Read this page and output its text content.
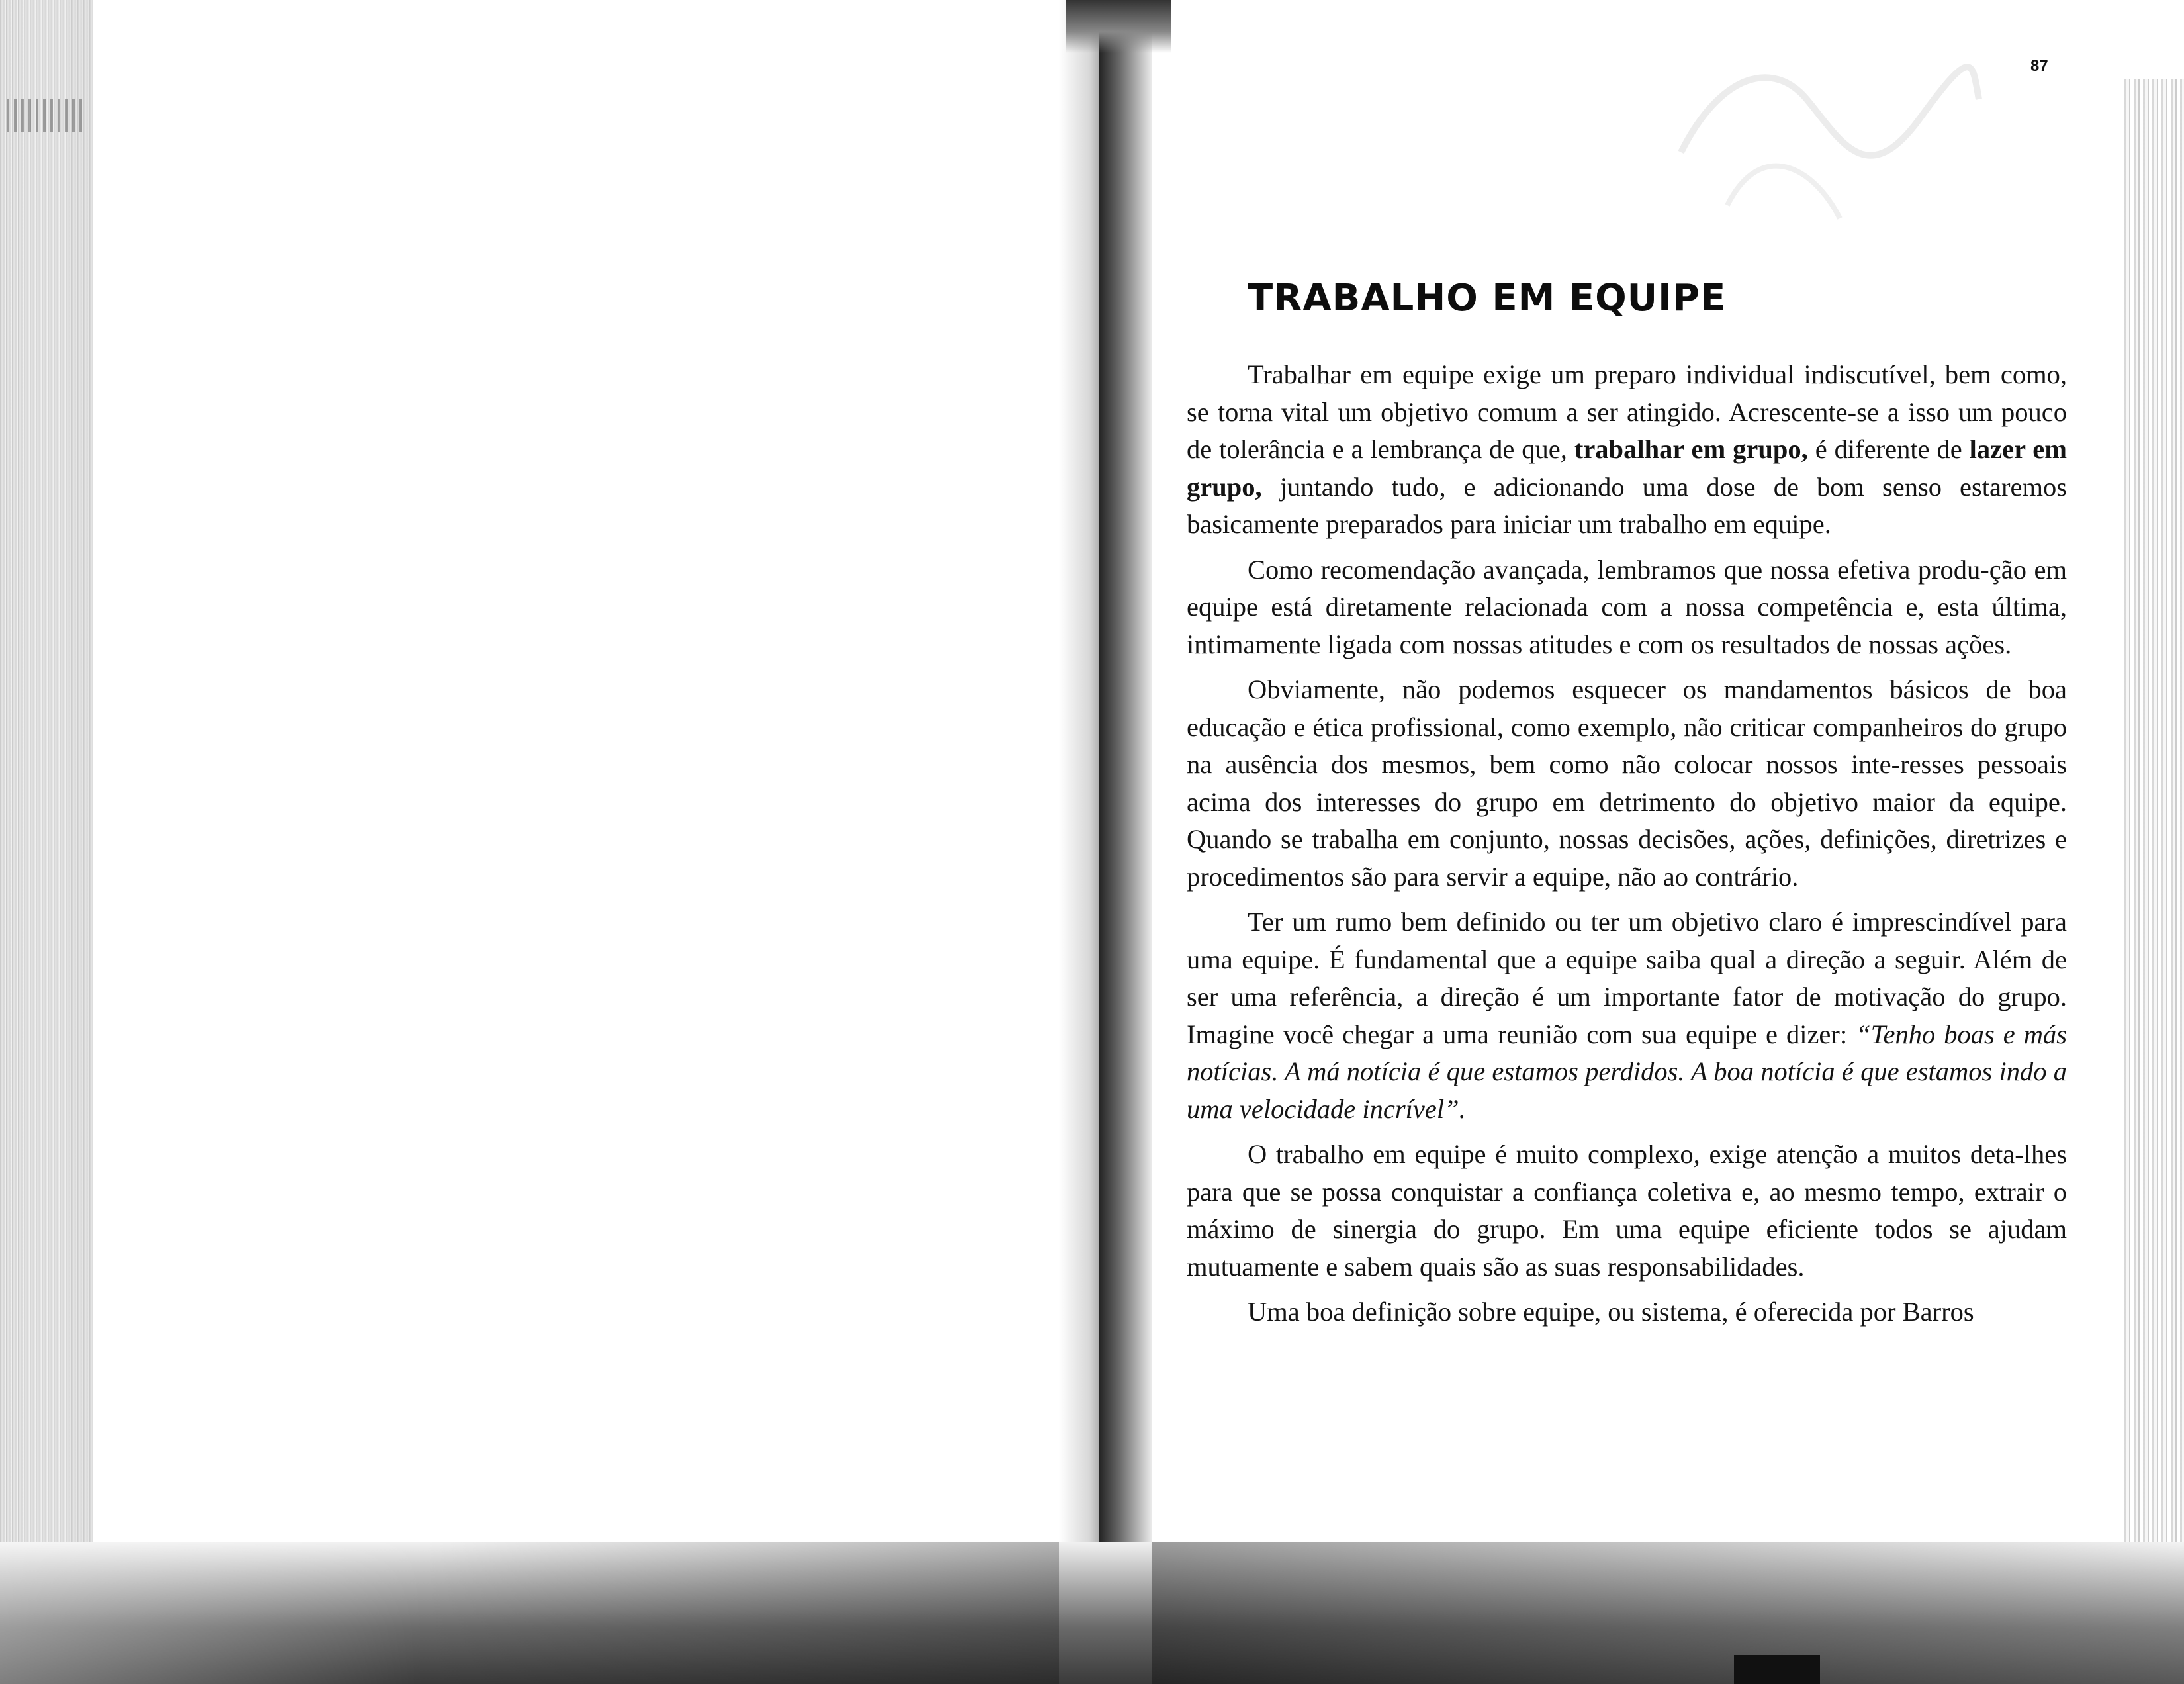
87
TRABALHO EM EQUIPE

Trabalhar em equipe exige um preparo individual indiscutível, bem como, se torna vital um objetivo comum a ser atingido. Acrescente-se a isso um pouco de tolerância e a lembrança de que, trabalhar em grupo, é diferente de lazer em grupo, juntando tudo, e adicionando uma dose de bom senso estaremos basicamente preparados para iniciar um trabalho em equipe.

Como recomendação avançada, lembramos que nossa efetiva produ-ção em equipe está diretamente relacionada com a nossa competência e, esta última, intimamente ligada com nossas atitudes e com os resultados de nossas ações.

Obviamente, não podemos esquecer os mandamentos básicos de boa educação e ética profissional, como exemplo, não criticar companheiros do grupo na ausência dos mesmos, bem como não colocar nossos inte-resses pessoais acima dos interesses do grupo em detrimento do objetivo maior da equipe. Quando se trabalha em conjunto, nossas decisões, ações, definições, diretrizes e procedimentos são para servir a equipe, não ao contrário.

Ter um rumo bem definido ou ter um objetivo claro é imprescindível para uma equipe. É fundamental que a equipe saiba qual a direção a seguir. Além de ser uma referência, a direção é um importante fator de motivação do grupo. Imagine você chegar a uma reunião com sua equipe e dizer: “Tenho boas e más notícias. A má notícia é que estamos perdidos. A boa notícia é que estamos indo a uma velocidade incrível”.

O trabalho em equipe é muito complexo, exige atenção a muitos deta-lhes para que se possa conquistar a confiança coletiva e, ao mesmo tempo, extrair o máximo de sinergia do grupo. Em uma equipe eficiente todos se ajudam mutuamente e sabem quais são as suas responsabilidades.

Uma boa definição sobre equipe, ou sistema, é oferecida por Barros
